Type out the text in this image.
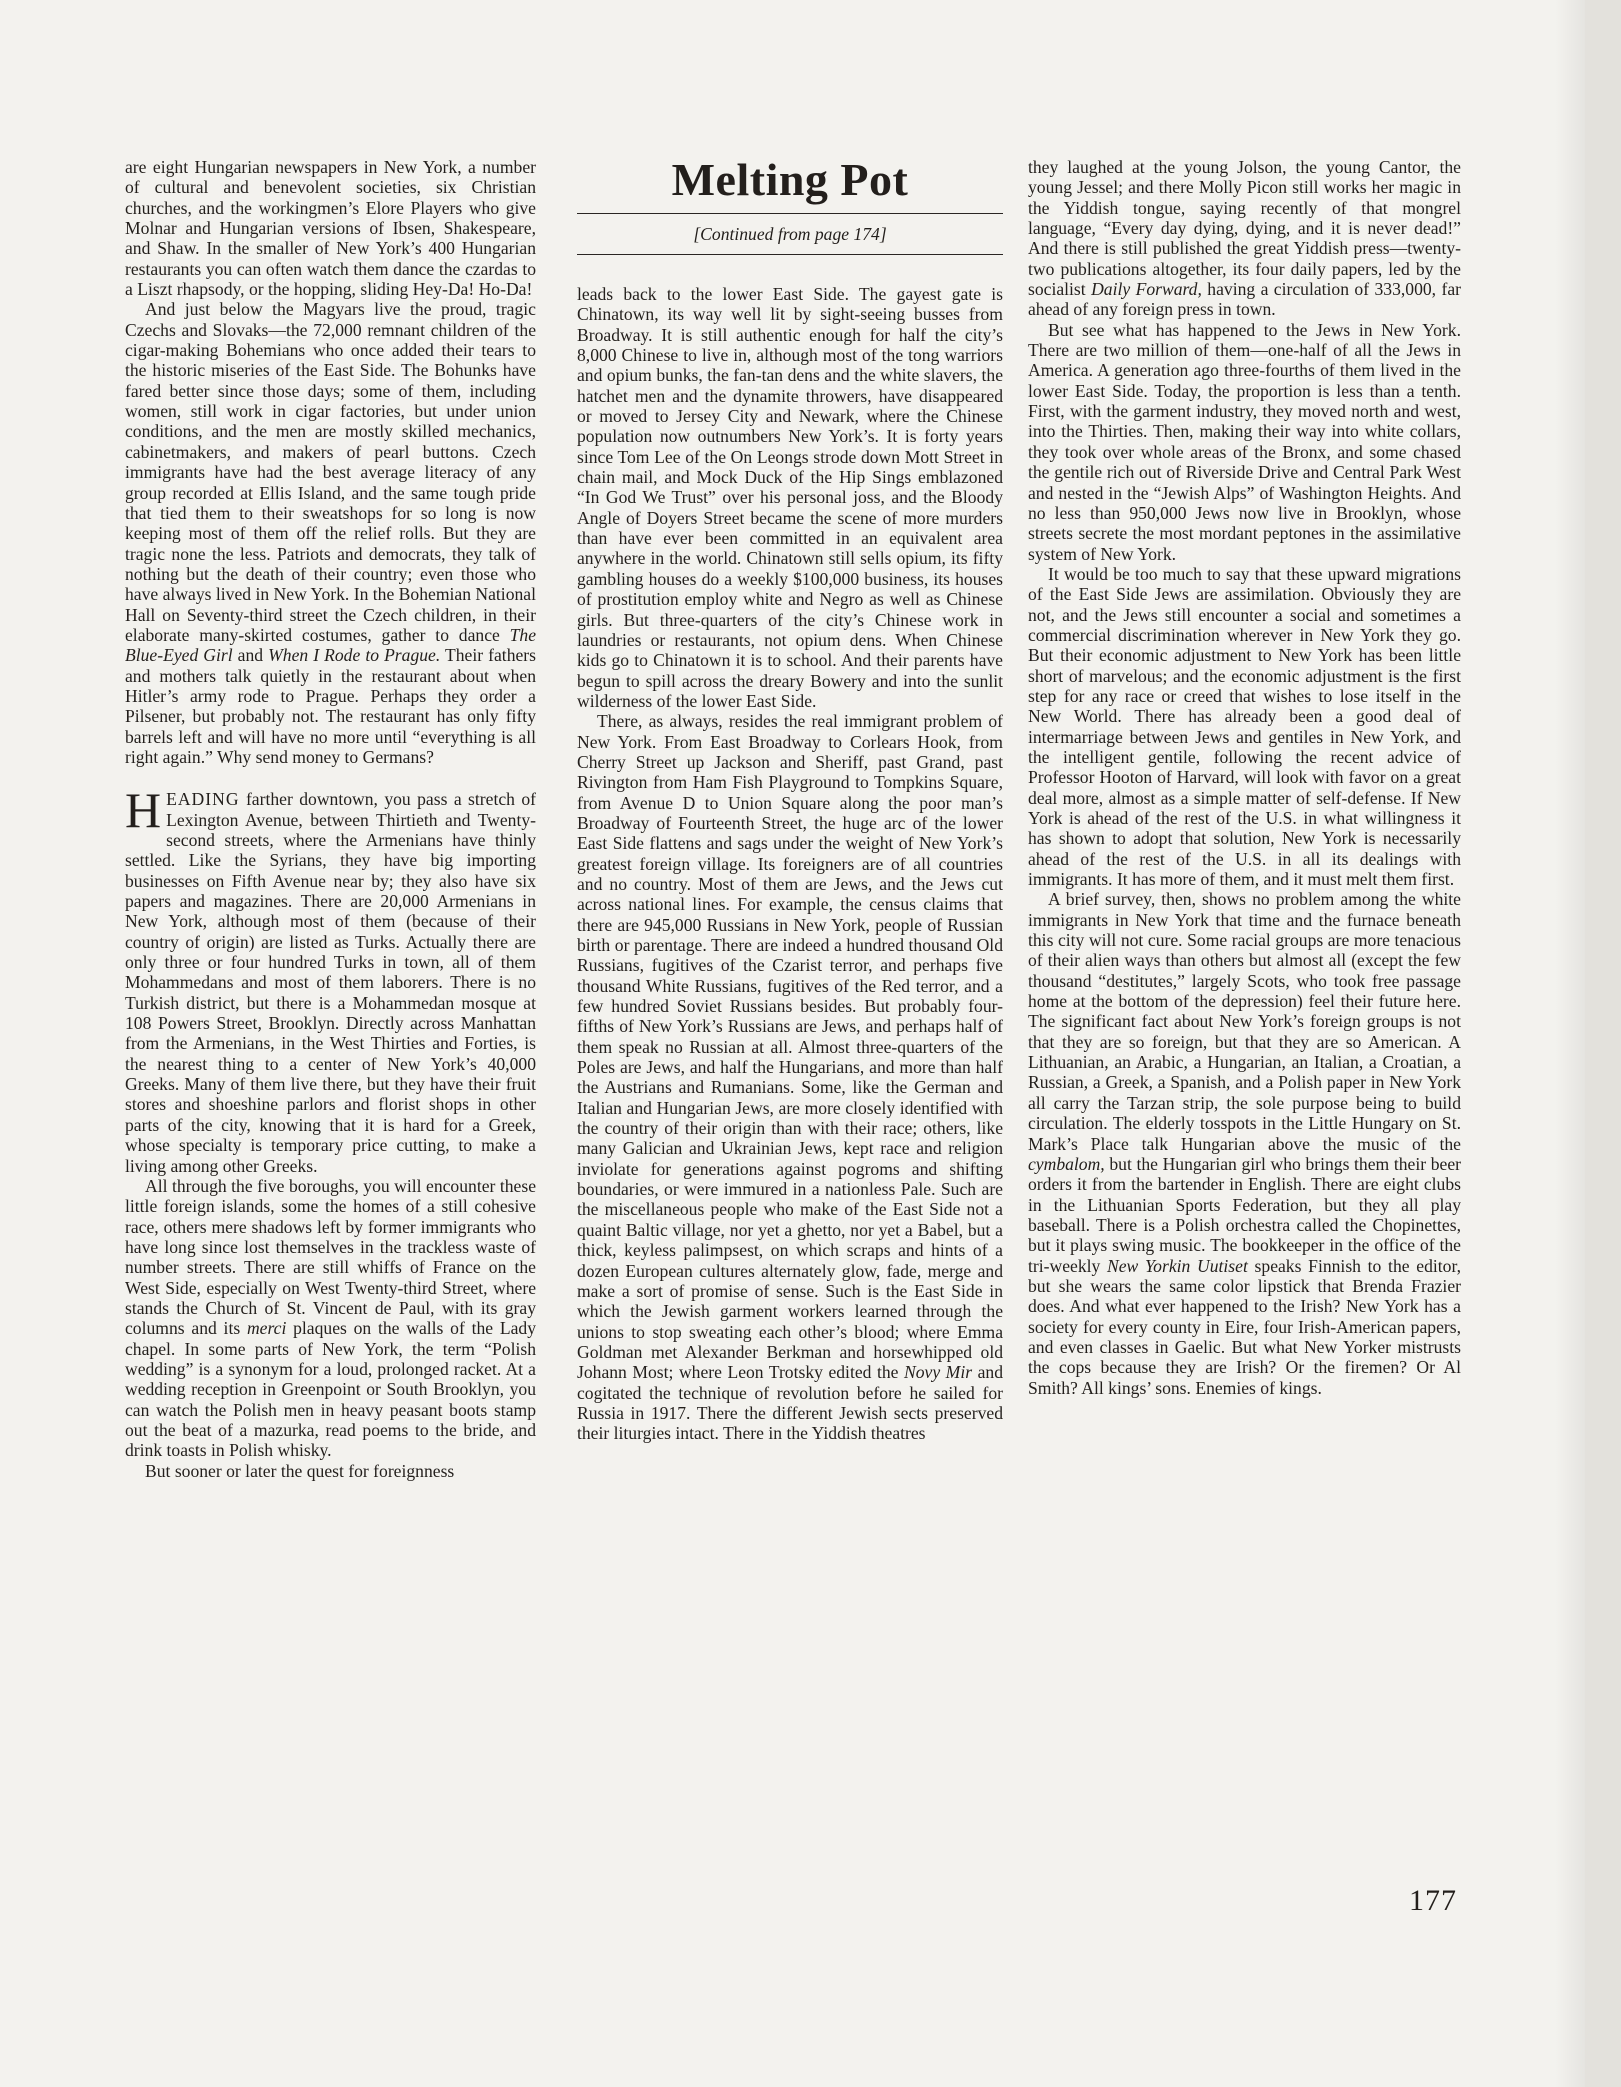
are eight Hungarian newspapers in New York, a number of cultural and benevolent societies, six Christian churches, and the workingmen’s Elore Players who give Molnar and Hungarian versions of Ibsen, Shakespeare, and Shaw. In the smaller of New York’s 400 Hungarian restaurants you can often watch them dance the czardas to a Liszt rhapsody, or the hopping, sliding Hey-Da! Ho-Da!

And just below the Magyars live the proud, tragic Czechs and Slovaks—the 72,000 remnant children of the cigar-making Bohemians who once added their tears to the historic miseries of the East Side. The Bohunks have fared better since those days; some of them, including women, still work in cigar factories, but under union conditions, and the men are mostly skilled mechanics, cabinetmakers, and makers of pearl buttons. Czech immigrants have had the best average literacy of any group recorded at Ellis Island, and the same tough pride that tied them to their sweatshops for so long is now keeping most of them off the relief rolls. But they are tragic none the less. Patriots and democrats, they talk of nothing but the death of their country; even those who have always lived in New York. In the Bohemian National Hall on Seventy-third street the Czech children, in their elaborate many-skirted costumes, gather to dance The Blue-Eyed Girl and When I Rode to Prague. Their fathers and mothers talk quietly in the restaurant about when Hitler’s army rode to Prague. Perhaps they order a Pilsener, but probably not. The restaurant has only fifty barrels left and will have no more until “everything is all right again.” Why send money to Germans?

HEADING farther downtown, you pass a stretch of Lexington Avenue, between Thirtieth and Twenty-second streets, where the Armenians have thinly settled. Like the Syrians, they have big importing businesses on Fifth Avenue near by; they also have six papers and magazines. There are 20,000 Armenians in New York, although most of them (because of their country of origin) are listed as Turks. Actually there are only three or four hundred Turks in town, all of them Mohammedans and most of them laborers. There is no Turkish district, but there is a Mohammedan mosque at 108 Powers Street, Brooklyn. Directly across Manhattan from the Armenians, in the West Thirties and Forties, is the nearest thing to a center of New York’s 40,000 Greeks. Many of them live there, but they have their fruit stores and shoeshine parlors and florist shops in other parts of the city, knowing that it is hard for a Greek, whose specialty is temporary price cutting, to make a living among other Greeks.

All through the five boroughs, you will encounter these little foreign islands, some the homes of a still cohesive race, others mere shadows left by former immigrants who have long since lost themselves in the trackless waste of number streets. There are still whiffs of France on the West Side, especially on West Twenty-third Street, where stands the Church of St. Vincent de Paul, with its gray columns and its merci plaques on the walls of the Lady chapel. In some parts of New York, the term “Polish wedding” is a synonym for a loud, prolonged racket. At a wedding reception in Greenpoint or South Brooklyn, you can watch the Polish men in heavy peasant boots stamp out the beat of a mazurka, read poems to the bride, and drink toasts in Polish whisky.

But sooner or later the quest for foreignness

Melting Pot
[Continued from page 174]

leads back to the lower East Side. The gayest gate is Chinatown, its way well lit by sight-seeing busses from Broadway. It is still authentic enough for half the city’s 8,000 Chinese to live in, although most of the tong warriors and opium bunks, the fan-tan dens and the white slavers, the hatchet men and the dynamite throwers, have disappeared or moved to Jersey City and Newark, where the Chinese population now outnumbers New York’s. It is forty years since Tom Lee of the On Leongs strode down Mott Street in chain mail, and Mock Duck of the Hip Sings emblazoned “In God We Trust” over his personal joss, and the Bloody Angle of Doyers Street became the scene of more murders than have ever been committed in an equivalent area anywhere in the world. Chinatown still sells opium, its fifty gambling houses do a weekly $100,000 business, its houses of prostitution employ white and Negro as well as Chinese girls. But three-quarters of the city’s Chinese work in laundries or restaurants, not opium dens. When Chinese kids go to Chinatown it is to school. And their parents have begun to spill across the dreary Bowery and into the sunlit wilderness of the lower East Side.

There, as always, resides the real immigrant problem of New York. From East Broadway to Corlears Hook, from Cherry Street up Jackson and Sheriff, past Grand, past Rivington from Ham Fish Playground to Tompkins Square, from Avenue D to Union Square along the poor man’s Broadway of Fourteenth Street, the huge arc of the lower East Side flattens and sags under the weight of New York’s greatest foreign village. Its foreigners are of all countries and no country. Most of them are Jews, and the Jews cut across national lines. For example, the census claims that there are 945,000 Russians in New York, people of Russian birth or parentage. There are indeed a hundred thousand Old Russians, fugitives of the Czarist terror, and perhaps five thousand White Russians, fugitives of the Red terror, and a few hundred Soviet Russians besides. But probably four-fifths of New York’s Russians are Jews, and perhaps half of them speak no Russian at all. Almost three-quarters of the Poles are Jews, and half the Hungarians, and more than half the Austrians and Rumanians. Some, like the German and Italian and Hungarian Jews, are more closely identified with the country of their origin than with their race; others, like many Galician and Ukrainian Jews, kept race and religion inviolate for generations against pogroms and shifting boundaries, or were immured in a nationless Pale. Such are the miscellaneous people who make of the East Side not a quaint Baltic village, nor yet a ghetto, nor yet a Babel, but a thick, keyless palimpsest, on which scraps and hints of a dozen European cultures alternately glow, fade, merge and make a sort of promise of sense. Such is the East Side in which the Jewish garment workers learned through the unions to stop sweating each other’s blood; where Emma Goldman met Alexander Berkman and horsewhipped old Johann Most; where Leon Trotsky edited the Novy Mir and cogitated the technique of revolution before he sailed for Russia in 1917. There the different Jewish sects preserved their liturgies intact. There in the Yiddish theatres

they laughed at the young Jolson, the young Cantor, the young Jessel; and there Molly Picon still works her magic in the Yiddish tongue, saying recently of that mongrel language, “Every day dying, dying, and it is never dead!” And there is still published the great Yiddish press—twenty-two publications altogether, its four daily papers, led by the socialist Daily Forward, having a circulation of 333,000, far ahead of any foreign press in town.

But see what has happened to the Jews in New York. There are two million of them—one-half of all the Jews in America. A generation ago three-fourths of them lived in the lower East Side. Today, the proportion is less than a tenth. First, with the garment industry, they moved north and west, into the Thirties. Then, making their way into white collars, they took over whole areas of the Bronx, and some chased the gentile rich out of Riverside Drive and Central Park West and nested in the “Jewish Alps” of Washington Heights. And no less than 950,000 Jews now live in Brooklyn, whose streets secrete the most mordant peptones in the assimilative system of New York.

It would be too much to say that these upward migrations of the East Side Jews are assimilation. Obviously they are not, and the Jews still encounter a social and sometimes a commercial discrimination wherever in New York they go. But their economic adjustment to New York has been little short of marvelous; and the economic adjustment is the first step for any race or creed that wishes to lose itself in the New World. There has already been a good deal of intermarriage between Jews and gentiles in New York, and the intelligent gentile, following the recent advice of Professor Hooton of Harvard, will look with favor on a great deal more, almost as a simple matter of self-defense. If New York is ahead of the rest of the U.S. in what willingness it has shown to adopt that solution, New York is necessarily ahead of the rest of the U.S. in all its dealings with immigrants. It has more of them, and it must melt them first.

A brief survey, then, shows no problem among the white immigrants in New York that time and the furnace beneath this city will not cure. Some racial groups are more tenacious of their alien ways than others but almost all (except the few thousand “destitutes,” largely Scots, who took free passage home at the bottom of the depression) feel their future here. The significant fact about New York’s foreign groups is not that they are so foreign, but that they are so American. A Lithuanian, an Arabic, a Hungarian, an Italian, a Croatian, a Russian, a Greek, a Spanish, and a Polish paper in New York all carry the Tarzan strip, the sole purpose being to build circulation. The elderly tosspots in the Little Hungary on St. Mark’s Place talk Hungarian above the music of the cymbalom, but the Hungarian girl who brings them their beer orders it from the bartender in English. There are eight clubs in the Lithuanian Sports Federation, but they all play baseball. There is a Polish orchestra called the Chopinettes, but it plays swing music. The bookkeeper in the office of the tri-weekly New Yorkin Uutiset speaks Finnish to the editor, but she wears the same color lipstick that Brenda Frazier does. And what ever happened to the Irish? New York has a society for every county in Eire, four Irish-American papers, and even classes in Gaelic. But what New Yorker mistrusts the cops because they are Irish? Or the firemen? Or Al Smith? All kings’ sons. Enemies of kings.

177
